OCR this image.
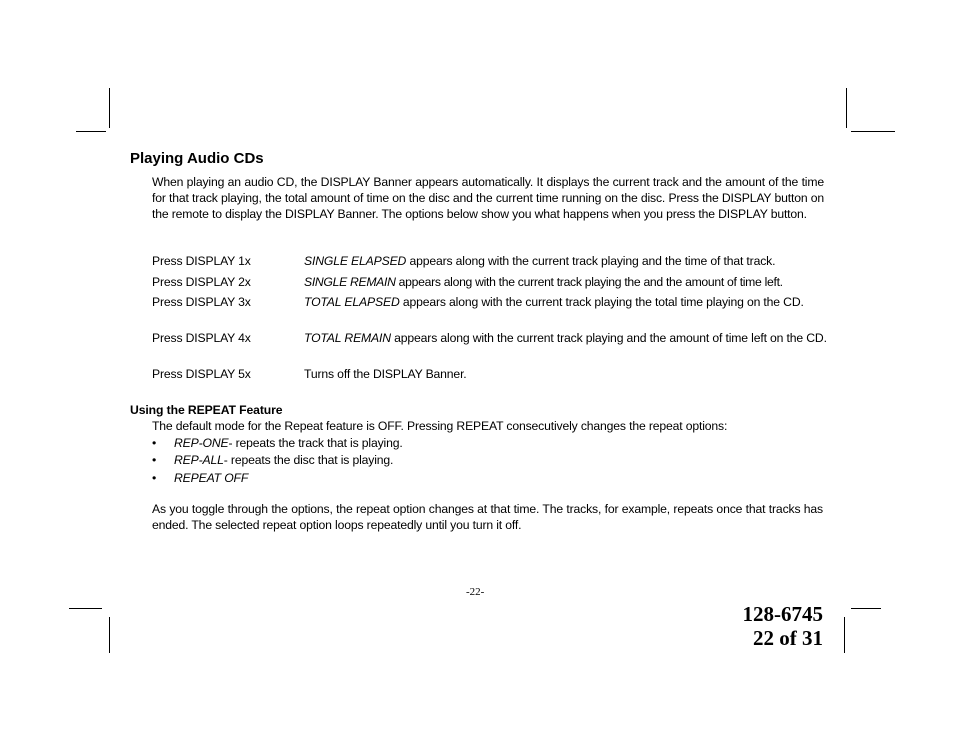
Playing Audio CDs
When playing an audio CD, the DISPLAY Banner appears automatically. It displays the current track and the amount of the time for that track playing, the total amount of time on the disc and the current time running on the disc. Press the DISPLAY button on the remote to display the DISPLAY Banner. The options below show you what happens when you press the DISPLAY button.
Press DISPLAY 1x	SINGLE ELAPSED appears along with the current track playing and the time of that track.
Press DISPLAY 2x	SINGLE REMAIN appears along with the current track playing the and the amount of time left.
Press DISPLAY 3x	TOTAL ELAPSED appears along with the current track playing the total time playing on the CD.
Press DISPLAY 4x	TOTAL REMAIN appears along with the current track playing and the amount of time left on the CD.
Press DISPLAY 5x	Turns off the DISPLAY Banner.
Using the REPEAT Feature
The default mode for the Repeat feature is OFF. Pressing REPEAT consecutively changes the repeat options:
• REP-ONE- repeats the track that is playing.
• REP-ALL- repeats the disc that is playing.
• REPEAT OFF
As you toggle through the options, the repeat option changes at that time. The tracks, for example, repeats once that tracks has ended. The selected repeat option loops repeatedly until you turn it off.
-22-
128-6745
22 of 31
